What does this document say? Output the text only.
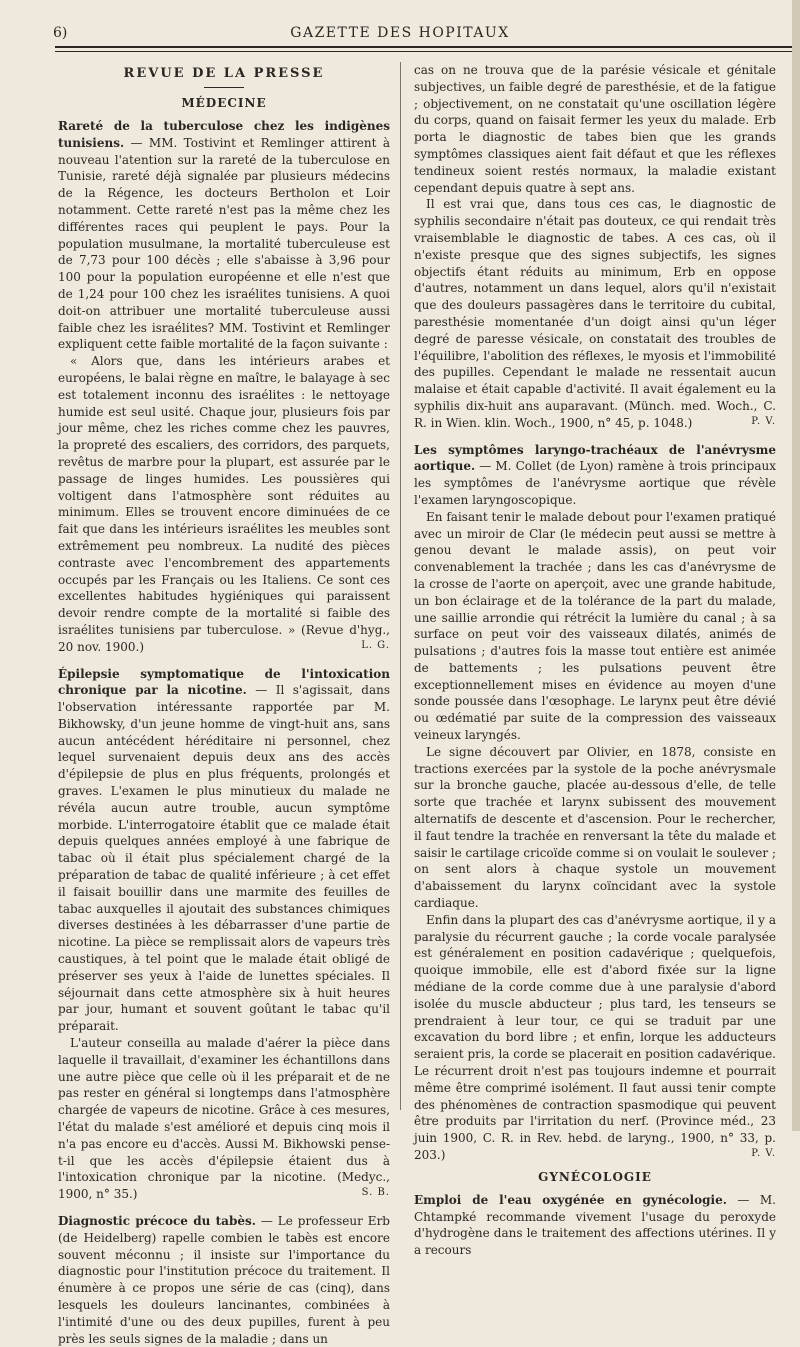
6)	GAZETTE DES HOPITAUX
REVUE DE LA PRESSE
MÉDECINE

Rareté de la tuberculose chez les indigènes tunisiens. — MM. Tostivint et Remlinger attirent à nouveau l'atention sur la rareté de la tuberculose en Tunisie, rareté déjà signalée par plusieurs médecins de la Régence, les docteurs Bertholon et Loir notamment. Cette rareté n'est pas la même chez les différentes races qui peuplent le pays. Pour la population musulmane, la mortalité tuberculeuse est de 7,73 pour 100 décès ; elle s'abaisse à 3,96 pour 100 pour la population européenne et elle n'est que de 1,24 pour 100 chez les israélites tunisiens. A quoi doit-on attribuer une mortalité tuberculeuse aussi faible chez les israélites? MM. Tostivint et Remlinger expliquent cette faible mortalité de la façon suivante :

« Alors que, dans les intérieurs arabes et européens, le balai règne en maître, le balayage à sec est totalement inconnu des israélites : le nettoyage humide est seul usité. Chaque jour, plusieurs fois par jour même, chez les riches comme chez les pauvres, la propreté des escaliers, des corridors, des parquets, revêtus de marbre pour la plupart, est assurée par le passage de linges humides. Les poussières qui voltigent dans l'atmosphère sont réduites au minimum. Elles se trouvent encore diminuées de ce fait que dans les intérieurs israélites les meubles sont extrêmement peu nombreux. La nudité des pièces contraste avec l'encombrement des appartements occupés par les Français ou les Italiens. Ce sont ces excellentes habitudes hygiéniques qui paraissent devoir rendre compte de la mortalité si faible des israélites tunisiens par tuberculose. » (Revue d'hyg., 20 nov. 1900.)	L. G.

Épilepsie symptomatique de l'intoxication chronique par la nicotine. — Il s'agissait, dans l'observation intéressante rapportée par M. Bikhowsky, d'un jeune homme de vingt-huit ans, sans aucun antécédent héréditaire ni personnel, chez lequel survenaient depuis deux ans des accès d'épilepsie de plus en plus fréquents, prolongés et graves. L'examen le plus minutieux du malade ne révéla aucun autre trouble, aucun symptôme morbide. L'interrogatoire établit que ce malade était depuis quelques années employé à une fabrique de tabac où il était plus spécialement chargé de la préparation de tabac de qualité inférieure ; à cet effet il faisait bouillir dans une marmite des feuilles de tabac auxquelles il ajoutait des substances chimiques diverses destinées à les débarrasser d'une partie de nicotine. La pièce se remplissait alors de vapeurs très caustiques, à tel point que le malade était obligé de préserver ses yeux à l'aide de lunettes spéciales. Il séjournait dans cette atmosphère six à huit heures par jour, humant et souvent goûtant le tabac qu'il préparait.

L'auteur conseilla au malade d'aérer la pièce dans laquelle il travaillait, d'examiner les échantillons dans une autre pièce que celle où il les préparait et de ne pas rester en général si longtemps dans l'atmosphère chargée de vapeurs de nicotine. Grâce à ces mesures, l'état du malade s'est amélioré et depuis cinq mois il n'a pas encore eu d'accès. Aussi M. Bikhowski pense-t-il que les accès d'épilepsie étaient dus à l'intoxication chronique par la nicotine. (Medyc., 1900, n° 35.)	S. B.

Diagnostic précoce du tabès. — Le professeur Erb (de Heidelberg) rapelle combien le tabès est encore souvent méconnu ; il insiste sur l'importance du diagnostic pour l'institution précoce du traitement. Il énumère à ce propos une série de cas (cinq), dans lesquels les douleurs lancinantes, combinées à l'intimité d'une ou des deux pupilles, furent à peu près les seuls signes de la maladie ; dans un

cas on ne trouva que de la parésie vésicale et génitale subjectives, un faible degré de paresthésie, et de la fatigue ; objectivement, on ne constatait qu'une oscillation légère du corps, quand on faisait fermer les yeux du malade. Erb porta le diagnostic de tabes bien que les grands symptômes classiques aient fait défaut et que les réflexes tendineux soient restés normaux, la maladie existant cependant depuis quatre à sept ans.

Il est vrai que, dans tous ces cas, le diagnostic de syphilis secondaire n'était pas douteux, ce qui rendait très vraisemblable le diagnostic de tabes. A ces cas, où il n'existe presque que des signes subjectifs, les signes objectifs étant réduits au minimum, Erb en oppose d'autres, notamment un dans lequel, alors qu'il n'existait que des douleurs passagères dans le territoire du cubital, paresthésie momentanée d'un doigt ainsi qu'un léger degré de paresse vésicale, on constatait des troubles de l'équilibre, l'abolition des réflexes, le myosis et l'immobilité des pupilles. Cependant le malade ne ressentait aucun malaise et était capable d'activité. Il avait également eu la syphilis dix-huit ans auparavant. (Münch. med. Woch., C. R. in Wien. klin. Woch., 1900, n° 45, p. 1048.)	P. V.

Les symptômes laryngo-trachéaux de l'anévrysme aortique. — M. Collet (de Lyon) ramène à trois principaux les symptômes de l'anévrysme aortique que révèle l'examen laryngoscopique.

En faisant tenir le malade debout pour l'examen pratiqué avec un miroir de Clar (le médecin peut aussi se mettre à genou devant le malade assis), on peut voir convenablement la trachée ; dans les cas d'anévrysme de la crosse de l'aorte on aperçoit, avec une grande habitude, un bon éclairage et de la tolérance de la part du malade, une saillie arrondie qui rétrécit la lumière du canal ; à sa surface on peut voir des vaisseaux dilatés, animés de pulsations ; d'autres fois la masse tout entière est animée de battements ; les pulsations peuvent être exceptionnellement mises en évidence au moyen d'une sonde poussée dans l'œsophage. Le larynx peut être dévié ou œdématié par suite de la compression des vaisseaux veineux laryngés.

Le signe découvert par Olivier, en 1878, consiste en tractions exercées par la systole de la poche anévrysmale sur la bronche gauche, placée au-dessous d'elle, de telle sorte que trachée et larynx subissent des mouvement alternatifs de descente et d'ascension. Pour le rechercher, il faut tendre la trachée en renversant la tête du malade et saisir le cartilage cricoïde comme si on voulait le soulever ; on sent alors à chaque systole un mouvement d'abaissement du larynx coïncidant avec la systole cardiaque.

Enfin dans la plupart des cas d'anévrysme aortique, il y a paralysie du récurrent gauche ; la corde vocale paralysée est généralement en position cadavérique ; quelquefois, quoique immobile, elle est d'abord fixée sur la ligne médiane de la corde comme due à une paralysie d'abord isolée du muscle abducteur ; plus tard, les tenseurs se prendraient à leur tour, ce qui se traduit par une excavation du bord libre ; et enfin, lorque les adducteurs seraient pris, la corde se placerait en position cadavérique. Le récurrent droit n'est pas toujours indemne et pourrait même être comprimé isolément. Il faut aussi tenir compte des phénomènes de contraction spasmodique qui peuvent être produits par l'irritation du nerf. (Province méd., 23 juin 1900, C. R. in Rev. hebd. de laryng., 1900, n° 33, p. 203.)	P. V.

GYNÉCOLOGIE

Emploi de l'eau oxygénée en gynécologie. — M. Chtampké recommande vivement l'usage du peroxyde d'hydrogène dans le traitement des affections utérines. Il y a recours
